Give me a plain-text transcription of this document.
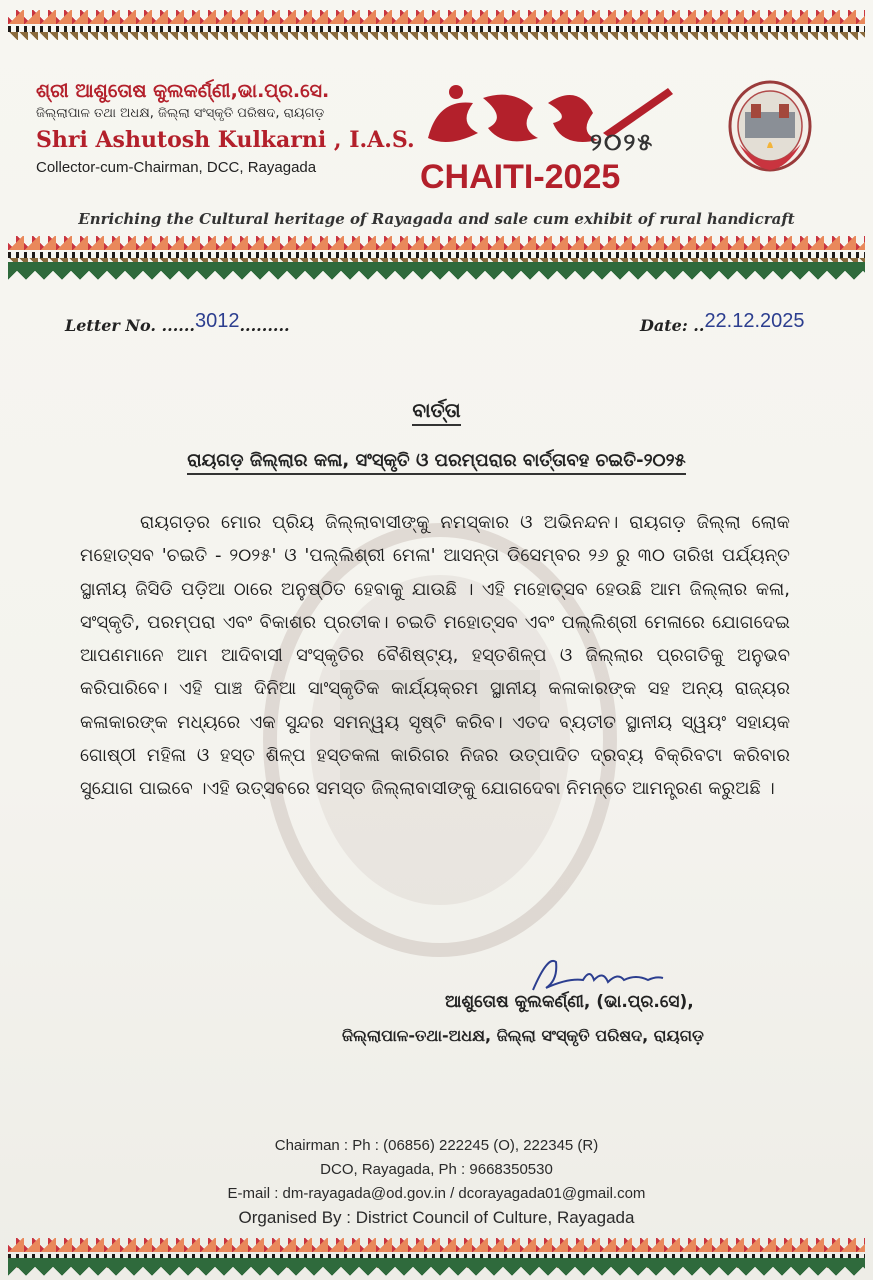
ଶ୍ରୀ ଆଶୁତୋଷ କୁଲକର୍ଣ୍ଣୀ,ଭା.ପ୍ର.ସେ.
ଜିଲ୍ଲାପାଳ ତଥା ଅଧକ୍ଷ, ଜିଲ୍ଲା ସଂସ୍କୃତି ପରିଷଦ, ରାୟଗଡ଼
Shri Ashutosh Kulkarni , I.A.S.
Collector-cum-Chairman, DCC, Rayagada
୨୦୨୫
CHAITI-2025
Enriching the Cultural heritage of Rayagada and sale cum exhibit of rural handicraft
Letter No. ......3012.........	Date: ..22.12.2025
ବାର୍ତ୍ତା
ରାୟଗଡ଼ ଜିଲ୍ଲାର କଳା, ସଂସ୍କୃତି ଓ ପରମ୍ପରାର ବାର୍ତ୍ତାବହ ଚଇତି-୨୦୨୫
ରାୟଗଡ଼ର ମୋର ପ୍ରିୟ ଜିଲ୍ଲାବାସୀଙ୍କୁ ନମସ୍କାର ଓ ଅଭିନନ୍ଦନ। ରାୟଗଡ଼ ଜିଲ୍ଲା ଲୋକ ମହୋତ୍ସବ 'ଚଇତି - ୨୦୨୫' ଓ 'ପଲ୍ଲିଶ୍ରୀ ମେଳା' ଆସନ୍ତା ଡିସେମ୍ବର ୨୬ ରୁ ୩୦ ତାରିଖ ପର୍ଯ୍ୟନ୍ତ ସ୍ଥାନୀୟ ଜିସିଡି ପଡ଼ିଆ ଠାରେ ଅନୁଷ୍ଠିତ ହେବାକୁ ଯାଉଛି । ଏହି ମହୋତ୍ସବ ହେଉଛି ଆମ ଜିଲ୍ଲାର କଳା, ସଂସ୍କୃତି, ପରମ୍ପରା ଏବଂ ବିକାଶର ପ୍ରତୀକ। ଚଇତି ମହୋତ୍ସବ ଏବଂ ପଲ୍ଲିଶ୍ରୀ ମେଳାରେ ଯୋଗଦେଇ ଆପଣମାନେ ଆମ ଆଦିବାସୀ ସଂସ୍କୃତିର ବୈଶିଷ୍ଟ୍ୟ, ହସ୍ତଶିଳ୍ପ ଓ ଜିଲ୍ଲାର ପ୍ରଗତିକୁ ଅନୁଭବ କରିପାରିବେ। ଏହି ପାଞ୍ଚ ଦିନିଆ ସାଂସ୍କୃତିକ କାର୍ଯ୍ୟକ୍ରମ ସ୍ଥାନୀୟ କଳାକାରଙ୍କ ସହ ଅନ୍ୟ ରାଜ୍ୟର କଳାକାରଙ୍କ ମଧ୍ୟରେ ଏକ ସୁନ୍ଦର ସମନ୍ୱୟ ସୃଷ୍ଟି କରିବ। ଏତଦ ବ୍ୟତୀତ ସ୍ଥାନୀୟ ସ୍ୱୟଂ ସହାୟକ ଗୋଷ୍ଠୀ ମହିଳା ଓ ହସ୍ତ ଶିଳ୍ପ ହସ୍ତକଳା କାରିଗର ନିଜର ଉତ୍ପାଦିତ ଦ୍ରବ୍ୟ ବିକ୍ରିବଟା କରିବାର ସୁଯୋଗ ପାଇବେ ।ଏହି ଉତ୍ସବରେ ସମସ୍ତ ଜିଲ୍ଲାବାସୀଙ୍କୁ ଯୋଗଦେବା ନିମନ୍ତେ ଆମନ୍ତ୍ରଣ କରୁଅଛି ।
ଆଶୁତୋଷ କୁଲକର୍ଣ୍ଣୀ, (ଭା.ପ୍ର.ସେ),
ଜିଲ୍ଲାପାଳ-ତଥା-ଅଧକ୍ଷ, ଜିଲ୍ଲା ସଂସ୍କୃତି ପରିଷଦ, ରାୟଗଡ଼
Chairman : Ph : (06856) 222245 (O), 222345 (R)
DCO, Rayagada, Ph : 9668350530
E-mail : dm-rayagada@od.gov.in / dcorayagada01@gmail.com
Organised By : District Council of Culture, Rayagada
